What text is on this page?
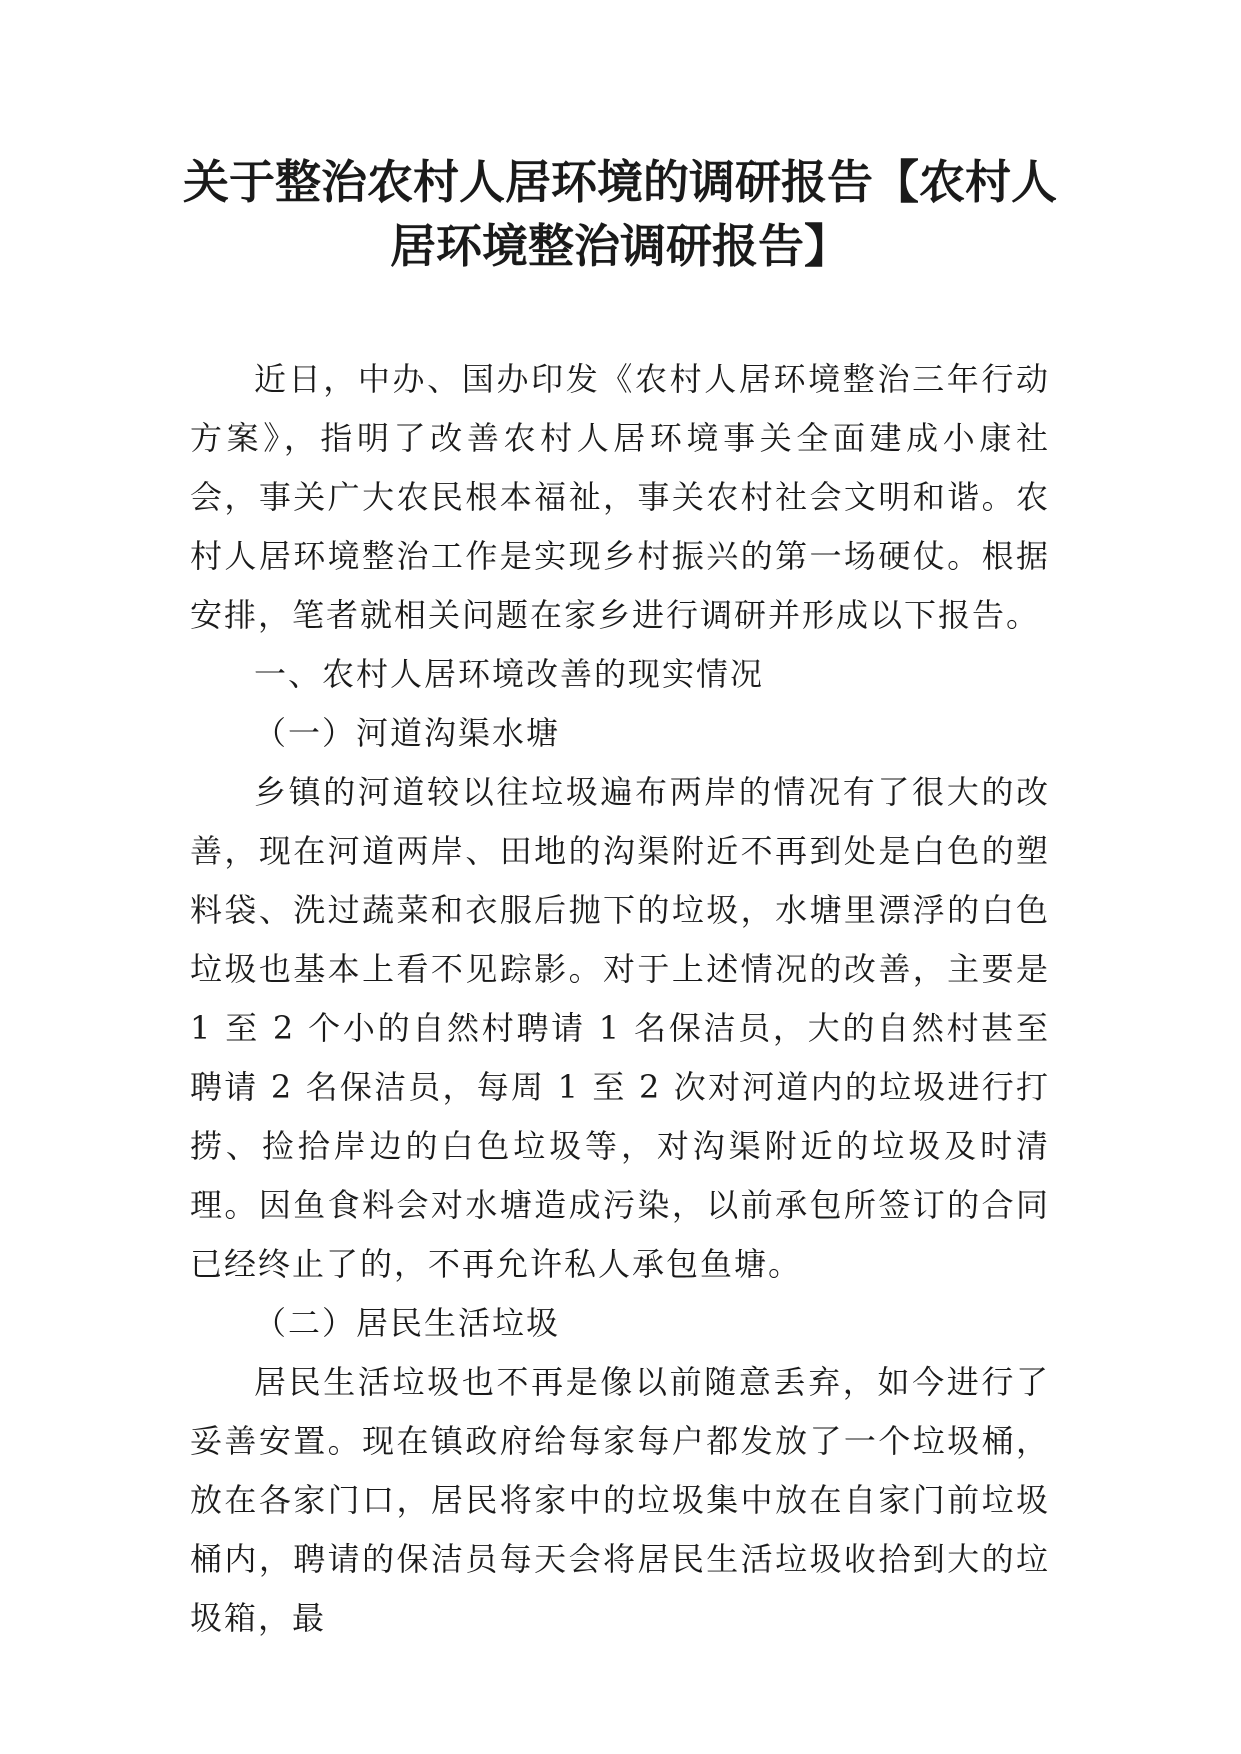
关于整治农村人居环境的调研报告【农村人
居环境整治调研报告】

近日，中办、国办印发《农村人居环境整治三年行动方案》，指明了改善农村人居环境事关全面建成小康社会，事关广大农民根本福祉，事关农村社会文明和谐。农村人居环境整治工作是实现乡村振兴的第一场硬仗。根据安排，笔者就相关问题在家乡进行调研并形成以下报告。

一、农村人居环境改善的现实情况

（一）河道沟渠水塘

乡镇的河道较以往垃圾遍布两岸的情况有了很大的改善，现在河道两岸、田地的沟渠附近不再到处是白色的塑料袋、洗过蔬菜和衣服后抛下的垃圾，水塘里漂浮的白色垃圾也基本上看不见踪影。对于上述情况的改善，主要是 1 至 2 个小的自然村聘请 1 名保洁员，大的自然村甚至聘请 2 名保洁员，每周 1 至 2 次对河道内的垃圾进行打捞、捡拾岸边的白色垃圾等，对沟渠附近的垃圾及时清理。因鱼食料会对水塘造成污染，以前承包所签订的合同已经终止了的，不再允许私人承包鱼塘。

（二）居民生活垃圾

居民生活垃圾也不再是像以前随意丢弃，如今进行了妥善安置。现在镇政府给每家每户都发放了一个垃圾桶，放在各家门口，居民将家中的垃圾集中放在自家门前垃圾桶内，聘请的保洁员每天会将居民生活垃圾收拾到大的垃圾箱，最
